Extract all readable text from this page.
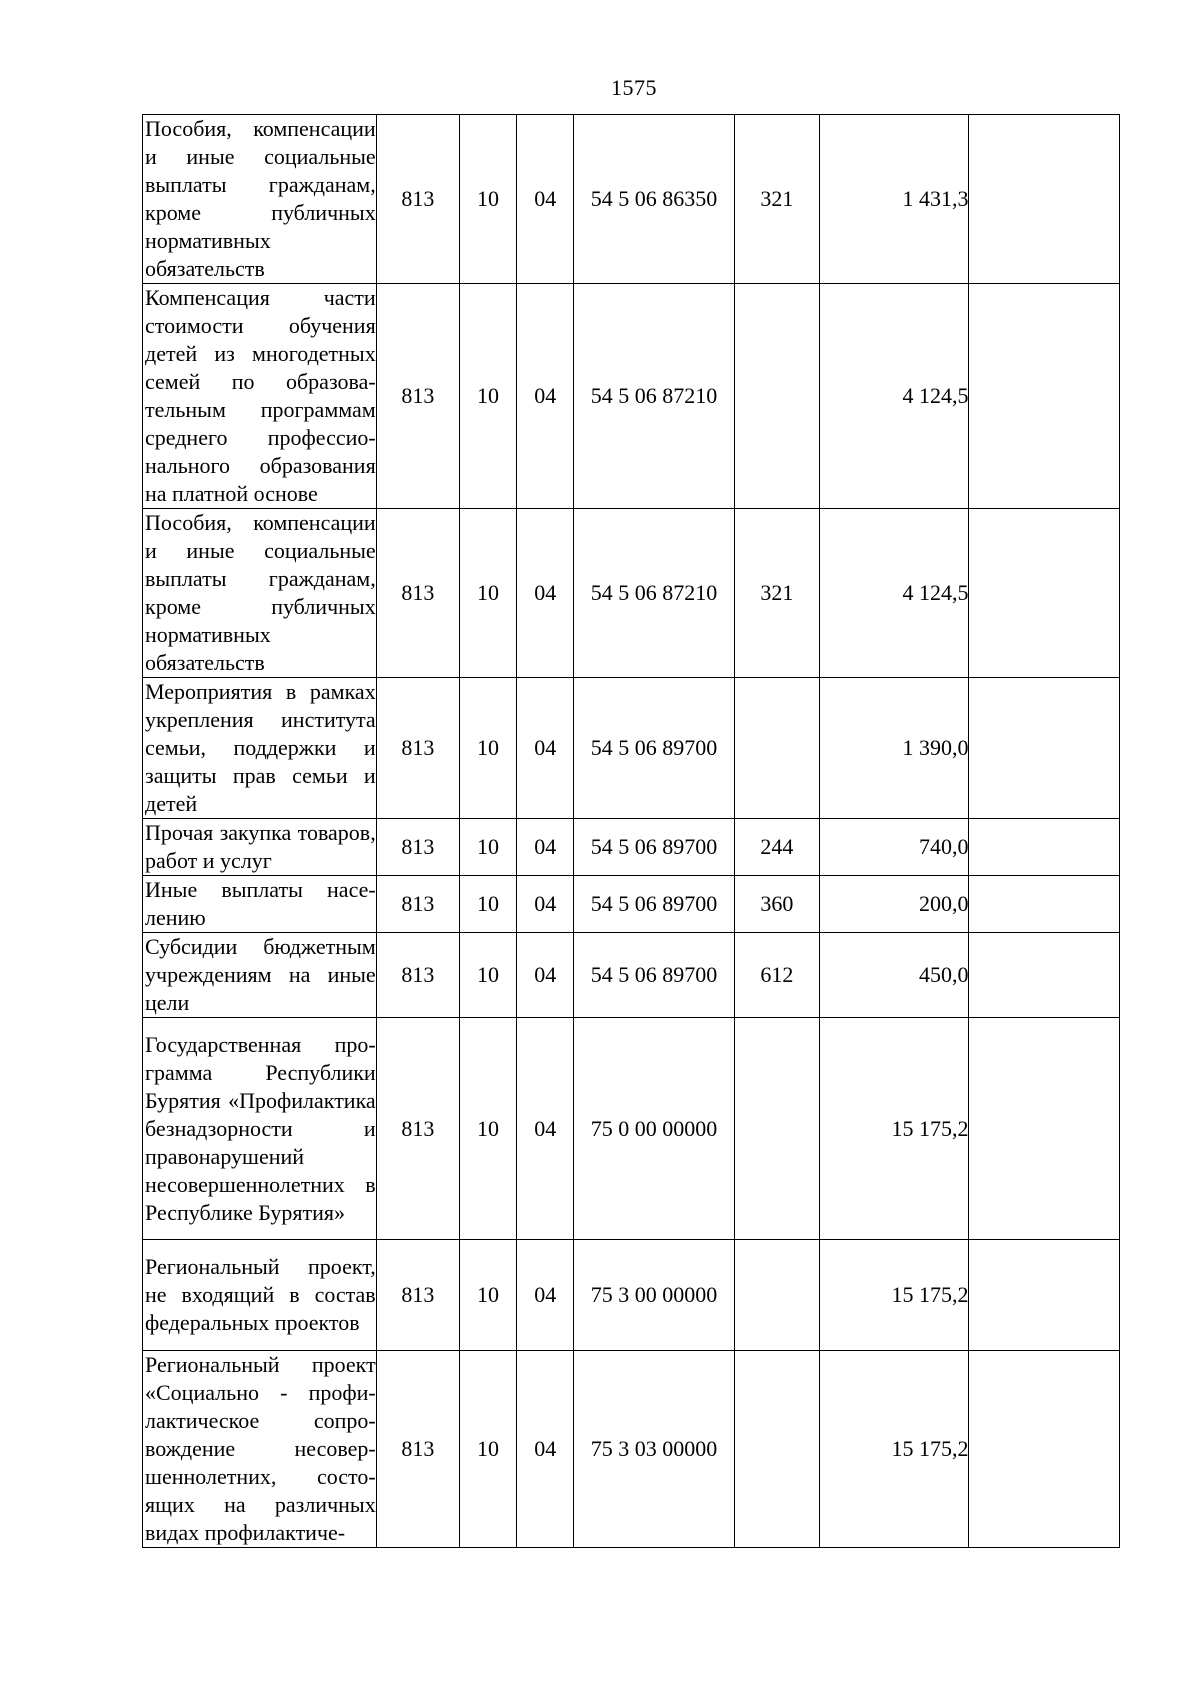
1575
Пособия, компенсации и иные социальные выплаты гражданам, кроме публичных нормативных обязательств	813	10	04	54 5 06 86350	321	1 431,3	
Компенсация части стоимости обучения детей из многодетных семей по образовательным программам среднего профессионального образования на платной основе	813	10	04	54 5 06 87210		4 124,5	
Пособия, компенсации и иные социальные выплаты гражданам, кроме публичных нормативных обязательств	813	10	04	54 5 06 87210	321	4 124,5	
Мероприятия в рамках укрепления института семьи, поддержки и защиты прав семьи и детей	813	10	04	54 5 06 89700		1 390,0	
Прочая закупка товаров, работ и услуг	813	10	04	54 5 06 89700	244	740,0	
Иные выплаты населению	813	10	04	54 5 06 89700	360	200,0	
Субсидии бюджетным учреждениям на иные цели	813	10	04	54 5 06 89700	612	450,0	
Государственная программа Республики Бурятия «Профилактика безнадзорности и правонарушений несовершеннолетних в Республике Бурятия»	813	10	04	75 0 00 00000		15 175,2	
Региональный проект, не входящий в состав федеральных проектов	813	10	04	75 3 00 00000		15 175,2	
Региональный проект «Социально - профилактическое сопровождение несовершеннолетних, состоящих на различных видах профилактиче-	813	10	04	75 3 03 00000		15 175,2	
